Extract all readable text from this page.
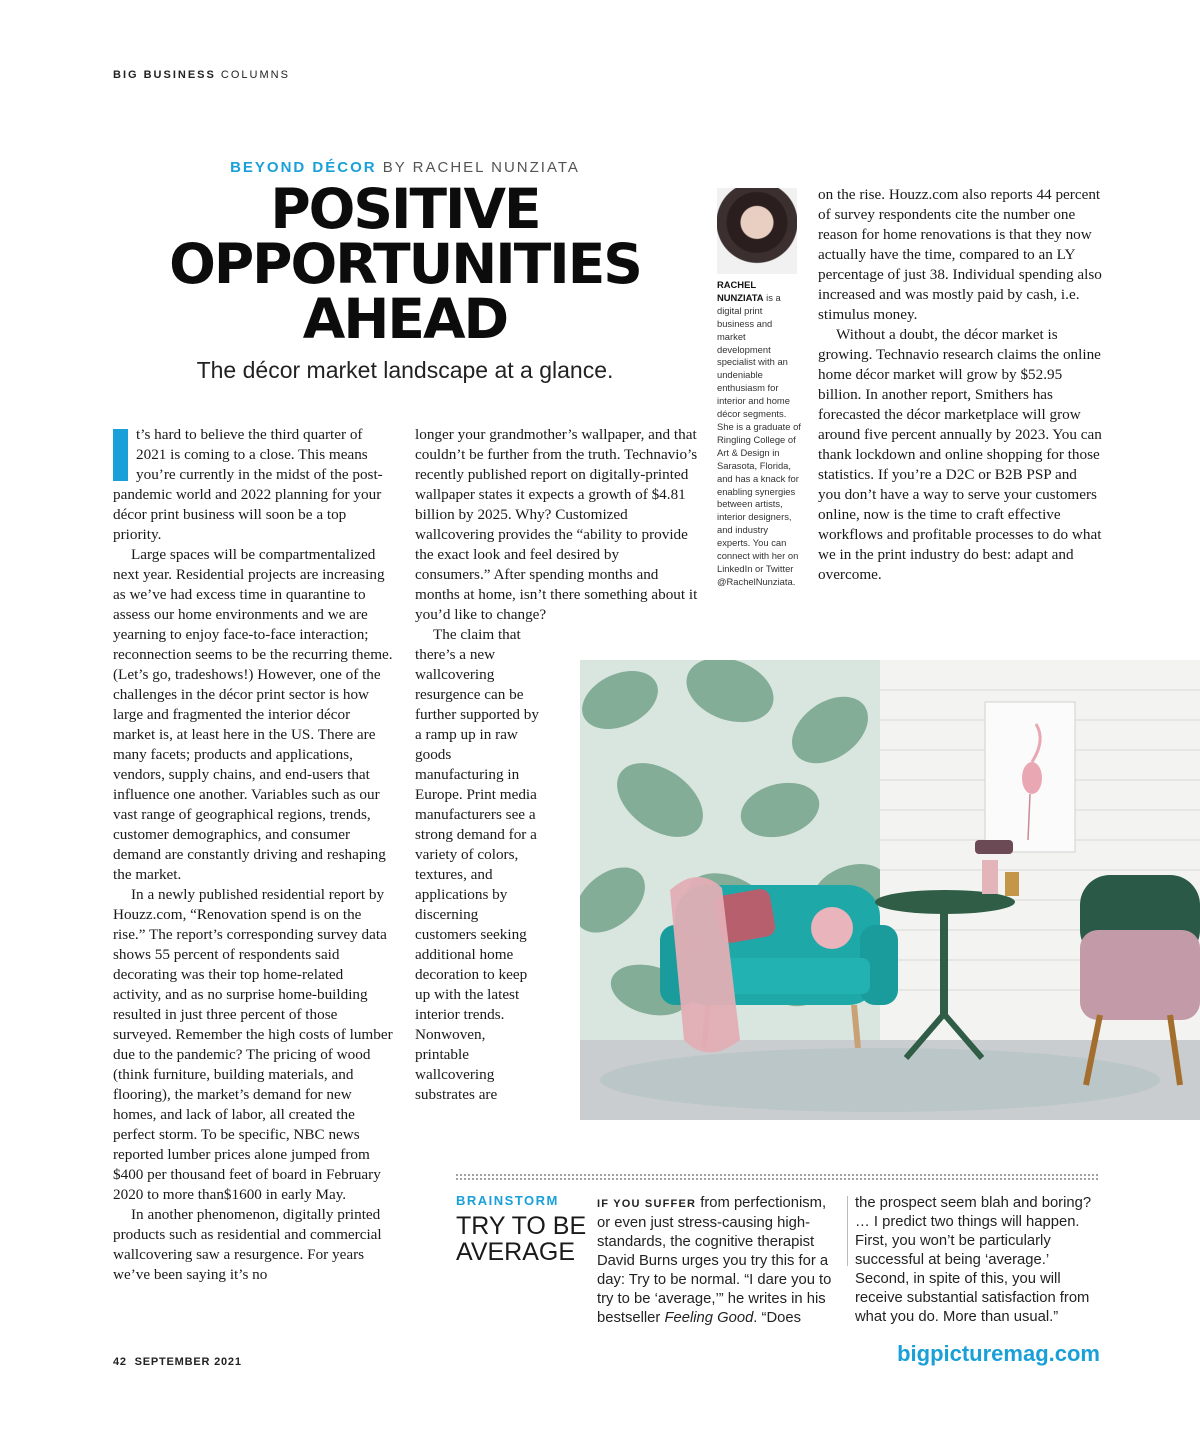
BIG BUSINESS COLUMNS
BEYOND DÉCOR BY RACHEL NUNZIATA
POSITIVE
OPPORTUNITIES
AHEAD
The décor market landscape at a glance.

t’s hard to believe the third quarter of 2021 is coming to a close. This means you’re currently in the midst of the post-pandemic world and 2022 planning for your décor print business will soon be a top priority.

Large spaces will be compartmentalized next year. Residential projects are increasing as we’ve had excess time in quarantine to assess our home environments and we are yearning to enjoy face-to-face interaction; reconnection seems to be the recurring theme. (Let’s go, tradeshows!) However, one of the challenges in the décor print sector is how large and fragmented the interior décor market is, at least here in the US. There are many facets; products and applications, vendors, supply chains, and end-users that influence one another. Variables such as our vast range of geographical regions, trends, customer demographics, and consumer demand are constantly driving and reshaping the market.

In a newly published residential report by Houzz.com, “Renovation spend is on the rise.” The report’s corresponding survey data shows 55 percent of respondents said decorating was their top home-related activity, and as no surprise home-building resulted in just three percent of those surveyed. Remember the high costs of lumber due to the pandemic? The pricing of wood (think furniture, building materials, and flooring), the market’s demand for new homes, and lack of labor, all created the perfect storm. To be specific, NBC news reported lumber prices alone jumped from $400 per thousand feet of board in February 2020 to more than$1600 in early May.

In another phenomenon, digitally printed products such as residential and commercial wallcovering saw a resurgence. For years we’ve been saying it’s no

longer your grandmother’s wallpaper, and that couldn’t be further from the truth. Technavio’s recently published report on digitally-printed wallpaper states it expects a growth of $4.81 billion by 2025. Why? Customized wallcovering provides the “ability to provide the exact look and feel desired by consumers.” After spending months and months at home, isn’t there something about it you’d like to change?

The claim that there’s a new wallcovering resurgence can be further supported by a ramp up in raw goods manufacturing in Europe. Print media manufacturers see a strong demand for a variety of colors, textures, and applications by discerning customers seeking additional home decoration to keep up with the latest interior trends. Nonwoven, printable wallcovering substrates are

RACHEL NUNZIATA is a digital print business and market development specialist with an undeniable enthusiasm for interior and home décor segments. She is a graduate of Ringling College of Art & Design in Sarasota, Florida, and has a knack for enabling synergies between artists, interior designers, and industry experts. You can connect with her on LinkedIn or Twitter @RachelNunziata.

on the rise. Houzz.com also reports 44 percent of survey respondents cite the number one reason for home renovations is that they now actually have the time, compared to an LY percentage of just 38. Individual spending also increased and was mostly paid by cash, i.e. stimulus money.

Without a doubt, the décor market is growing. Technavio research claims the online home décor market will grow by $52.95 billion. In another report, Smithers has forecasted the décor marketplace will grow around five percent annually by 2023. You can thank lockdown and online shopping for those statistics. If you’re a D2C or B2B PSP and you don’t have a way to serve your customers online, now is the time to craft effective workflows and profitable processes to do what we in the print industry do best: adapt and overcome.

BRAINSTORM
TRY TO BE
AVERAGE
IF YOU SUFFER from perfectionism, or even just stress-causing high-standards, the cognitive therapist David Burns urges you try this for a day: Try to be normal. “I dare you to try to be ‘average,’” he writes in his bestseller Feeling Good. “Does
the prospect seem blah and boring? … I predict two things will happen. First, you won’t be particularly successful at being ‘average.’ Second, in spite of this, you will receive substantial satisfaction from what you do. More than usual.”
42 SEPTEMBER 2021	bigpicturemag.com
